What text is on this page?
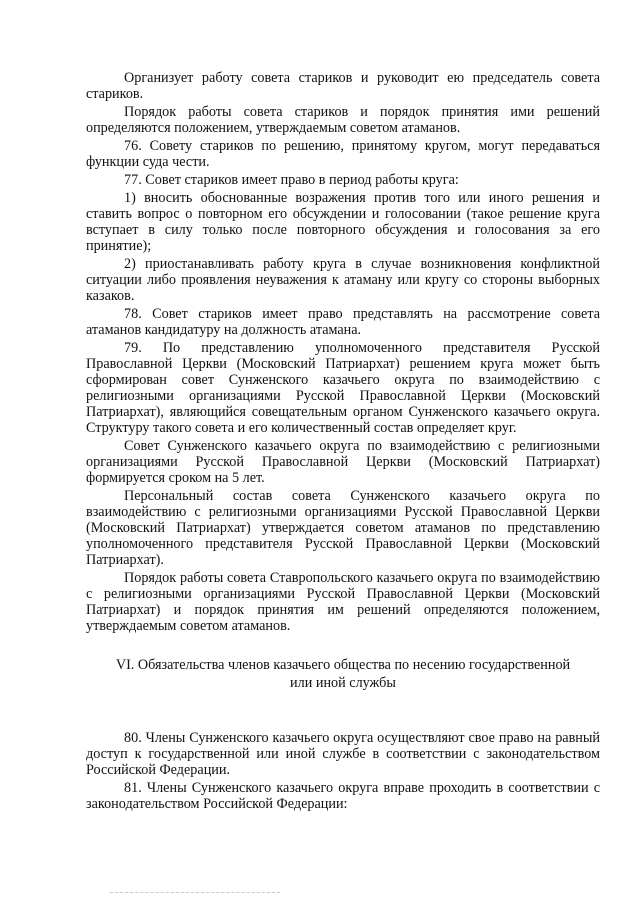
Организует работу совета стариков и руководит ею председатель совета стариков.

Порядок работы совета стариков и порядок принятия ими решений определяются положением, утверждаемым советом атаманов.

76. Совету стариков по решению, принятому кругом, могут передаваться функции суда чести.

77. Совет стариков имеет право в период работы круга:

1) вносить обоснованные возражения против того или иного решения и ставить вопрос о повторном его обсуждении и голосовании (такое решение круга вступает в силу только после повторного обсуждения и голосования за его принятие);

2) приостанавливать работу круга в случае возникновения конфликтной ситуации либо проявления неуважения к атаману или кругу со стороны выборных казаков.

78. Совет стариков имеет право представлять на рассмотрение совета атаманов кандидатуру на должность атамана.

79. По представлению уполномоченного представителя Русской Православной Церкви (Московский Патриархат) решением круга может быть сформирован совет Сунженского казачьего округа по взаимодействию с религиозными организациями Русской Православной Церкви (Московский Патриархат), являющийся совещательным органом Сунженского казачьего округа. Структуру такого совета и его количественный состав определяет круг.

Совет Сунженского казачьего округа по взаимодействию с религиозными организациями Русской Православной Церкви (Московский Патриархат) формируется сроком на 5 лет.

Персональный состав совета Сунженского казачьего округа по взаимодействию с религиозными организациями Русской Православной Церкви (Московский Патриархат) утверждается советом атаманов по представлению уполномоченного представителя Русской Православной Церкви (Московский Патриархат).

Порядок работы совета Ставропольского казачьего округа по взаимодействию с религиозными организациями Русской Православной Церкви (Московский Патриархат) и порядок принятия им решений определяются положением, утверждаемым советом атаманов.

VI. Обязательства членов казачьего общества по несению государственной
или иной службы

80. Члены Сунженского казачьего округа осуществляют свое право на равный доступ к государственной или иной службе в соответствии с законодательством Российской Федерации.

81. Члены Сунженского казачьего округа вправе проходить в соответствии с законодательством Российской Федерации:
